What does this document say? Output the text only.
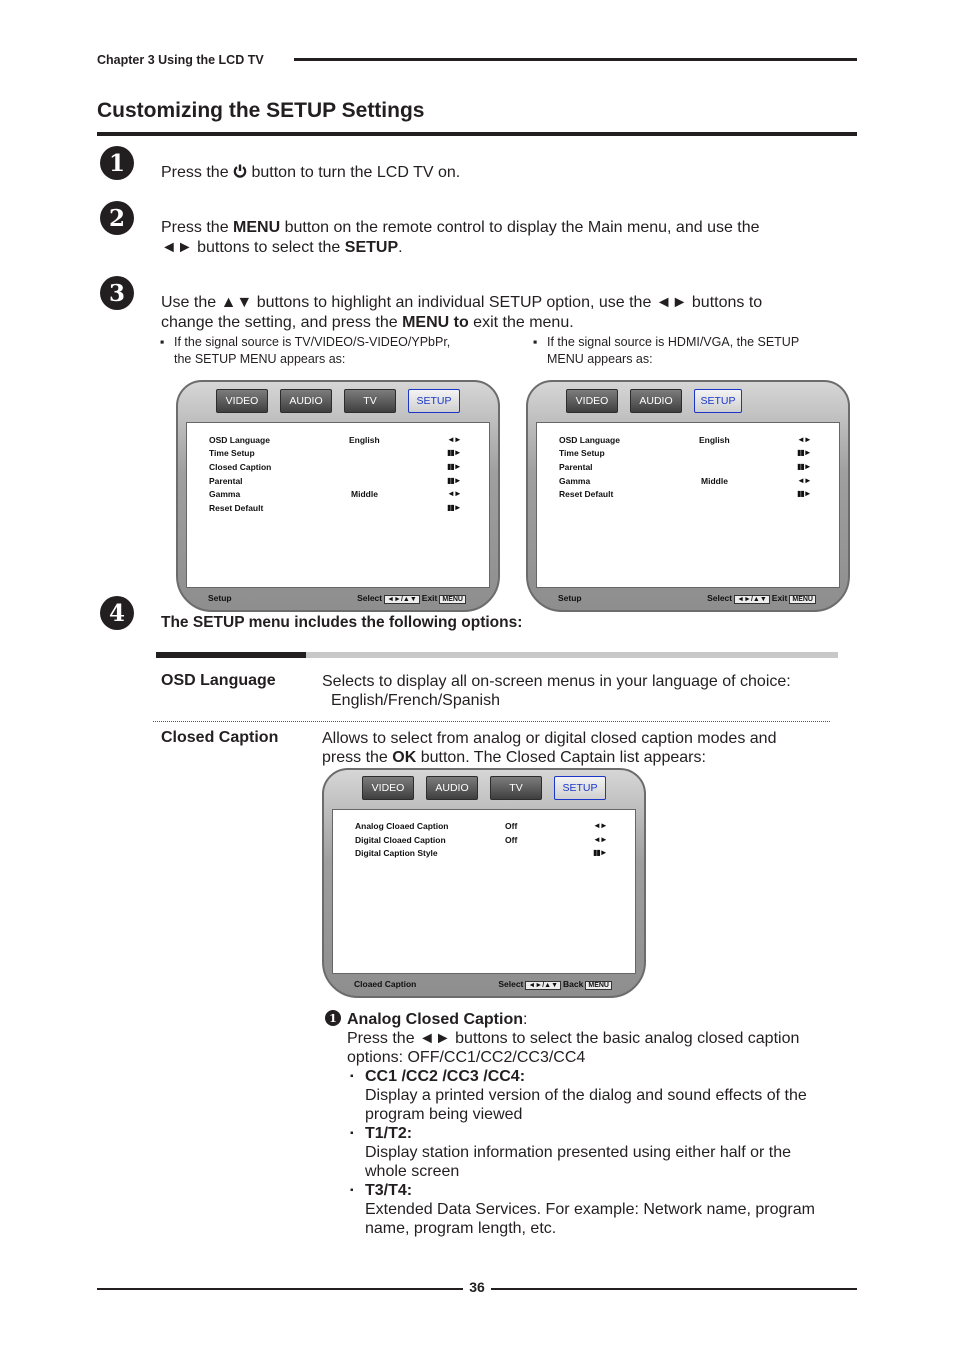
Chapter 3 Using the LCD TV
Customizing the SETUP Settings
1	Press the  button to turn the LCD TV on.
2	Press the MENU button on the remote control to display the Main menu, and use the
◄► buttons to select the SETUP.
3	Use the ▲▼ buttons to highlight an individual SETUP option, use the ◄► buttons to
change the setting, and press the MENU to exit the menu.
▪ If the signal source is TV/VIDEO/S-VIDEO/YPbPr,
the SETUP MENU appears as:
▪ If the signal source is HDMI/VGA, the SETUP
MENU appears as:
VIDEO	AUDIO	TV	SETUP
OSD Language	English	◄►
Time Setup	▮▮►
Closed Caption	▮▮►
Parental	▮▮►
Gamma	Middle	◄►
Reset Default	▮▮►
Setup	Select ◄►/▲▼ Exit MENU
VIDEO	AUDIO	SETUP
OSD Language	English	◄►
Time Setup	▮▮►
Parental	▮▮►
Gamma	Middle	◄►
Reset Default	▮▮►
Setup	Select ◄►/▲▼ Exit MENU
4	The SETUP menu includes the following options:
OSD Language	Selects to display all on-screen menus in your language of choice:
English/French/Spanish
Closed Caption	Allows to select from analog or digital closed caption modes and
press the OK button. The Closed Captain list appears:
VIDEO	AUDIO	TV	SETUP
Analog Cloaed Caption	Off	◄►
Digital Cloaed Caption	Off	◄►
Digital Caption Style	▮▮►
Cloaed Caption	Select ◄►/▲▼ Back MENU
1 Analog Closed Caption:
Press the ◄► buttons to select the basic analog closed caption
options: OFF/CC1/CC2/CC3/CC4
▪ CC1 /CC2 /CC3 /CC4:
Display a printed version of the dialog and sound effects of the
program being viewed
▪ T1/T2:
Display station information presented using either half or the
whole screen
▪ T3/T4:
Extended Data Services. For example: Network name, program
name, program length, etc.
36
